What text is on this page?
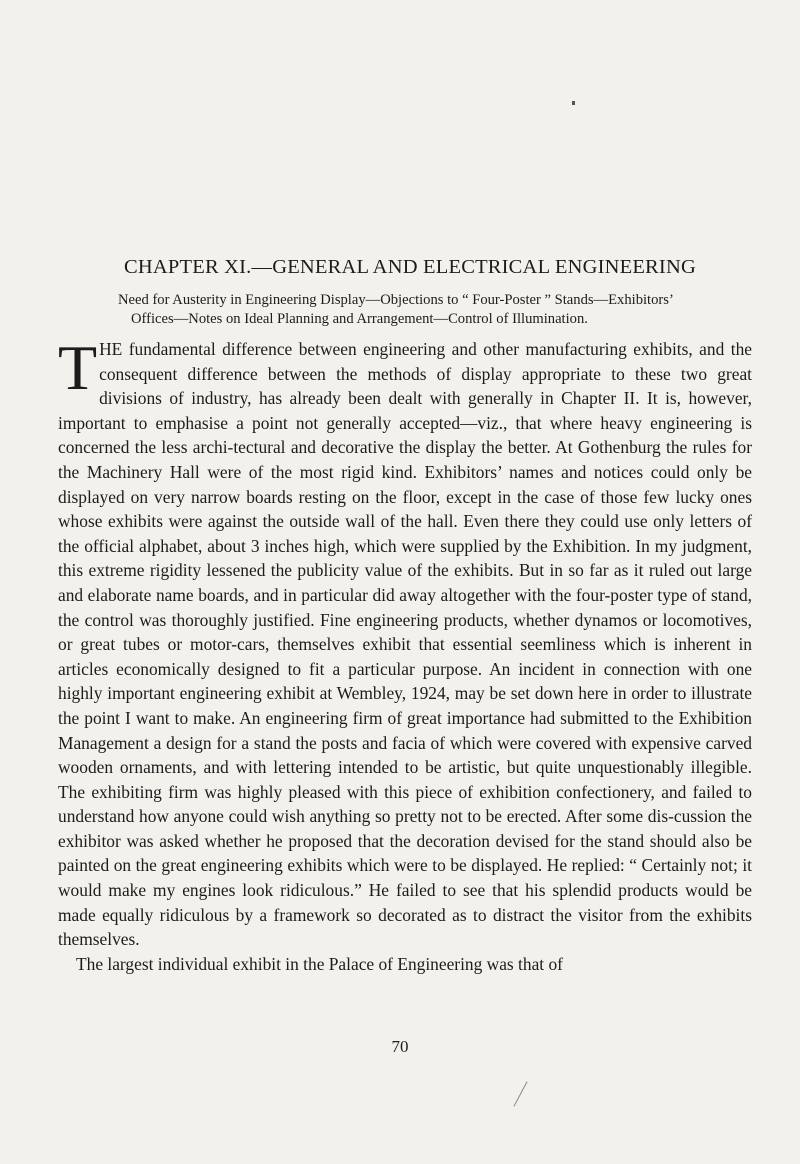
CHAPTER XI.—GENERAL AND ELECTRICAL ENGINEERING

Need for Austerity in Engineering Display—Objections to “ Four-Poster ” Stands—Exhibitors’
Offices—Notes on Ideal Planning and Arrangement—Control of Illumination.

THE fundamental difference between engineering and other manufacturing exhibits, and the consequent difference between the methods of display appropriate to these two great divisions of industry, has already been dealt with generally in Chapter II. It is, however, important to emphasise a point not generally accepted—viz., that where heavy engineering is concerned the less archi-tectural and decorative the display the better. At Gothenburg the rules for the Machinery Hall were of the most rigid kind. Exhibitors’ names and notices could only be displayed on very narrow boards resting on the floor, except in the case of those few lucky ones whose exhibits were against the outside wall of the hall. Even there they could use only letters of the official alphabet, about 3 inches high, which were supplied by the Exhibition. In my judgment, this extreme rigidity lessened the publicity value of the exhibits. But in so far as it ruled out large and elaborate name boards, and in particular did away altogether with the four-poster type of stand, the control was thoroughly justified. Fine engineering products, whether dynamos or locomotives, or great tubes or motor-cars, themselves exhibit that essential seemliness which is inherent in articles economically designed to fit a particular purpose. An incident in connection with one highly important engineering exhibit at Wembley, 1924, may be set down here in order to illustrate the point I want to make. An engineering firm of great importance had submitted to the Exhibition Management a design for a stand the posts and facia of which were covered with expensive carved wooden ornaments, and with lettering intended to be artistic, but quite unquestionably illegible. The exhibiting firm was highly pleased with this piece of exhibition confectionery, and failed to understand how anyone could wish anything so pretty not to be erected. After some dis-cussion the exhibitor was asked whether he proposed that the decoration devised for the stand should also be painted on the great engineering exhibits which were to be displayed. He replied: “ Certainly not; it would make my engines look ridiculous.” He failed to see that his splendid products would be made equally ridiculous by a framework so decorated as to distract the visitor from the exhibits themselves.

The largest individual exhibit in the Palace of Engineering was that of

70
